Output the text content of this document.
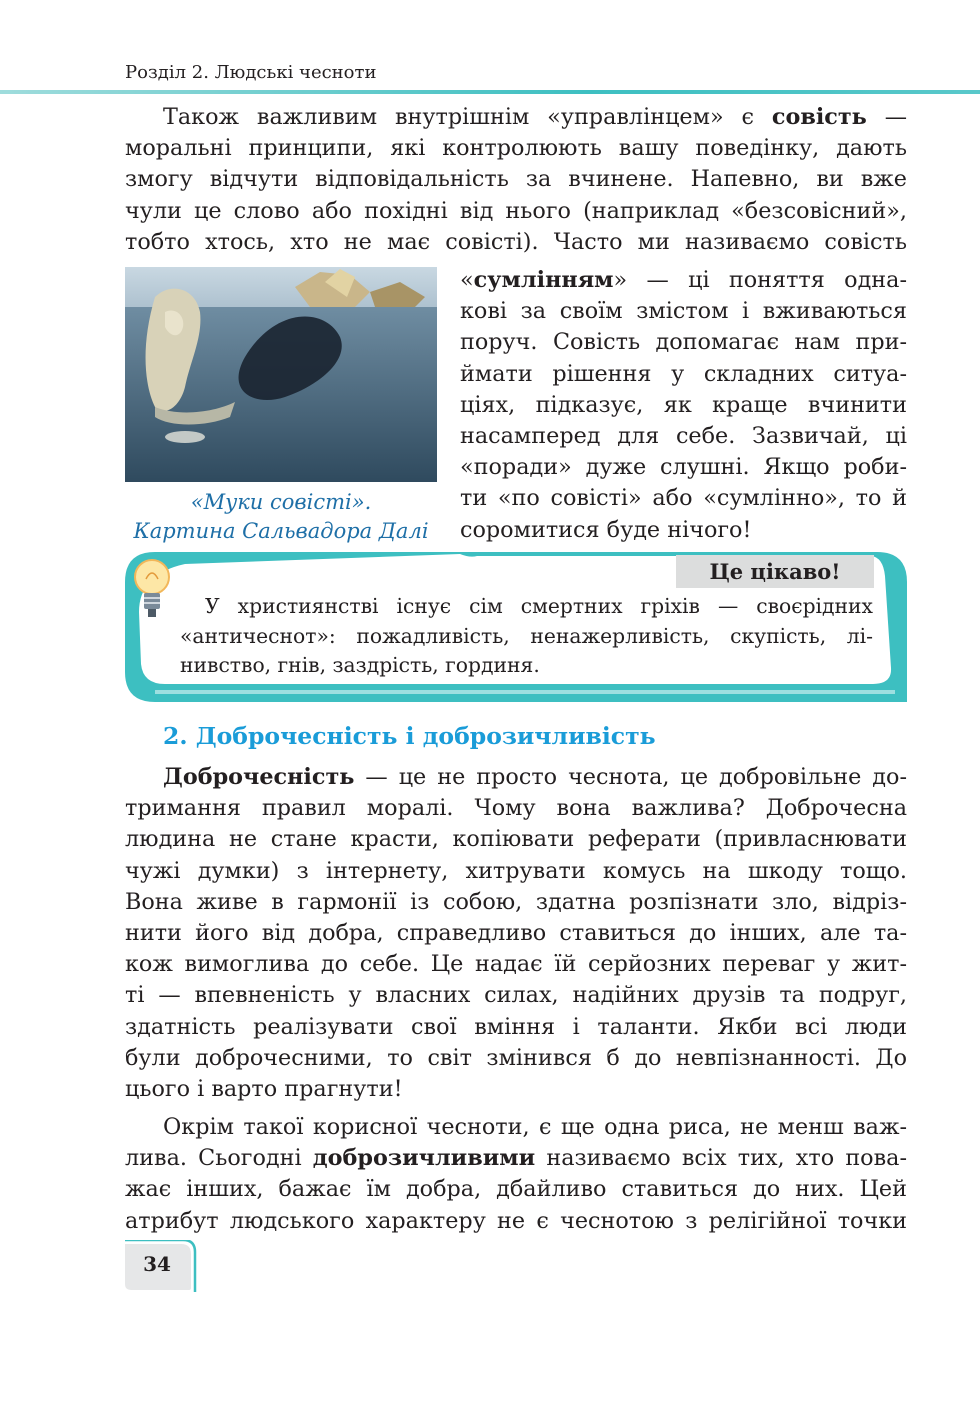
Розділ 2. Людські чесноти
Також важливим внутрішнім «управлінцем» є совість —
моральні принципи, які контролюють вашу поведінку, дають
змогу відчути відповідальність за вчинене. Напевно, ви вже
чули це слово або похідні від нього (наприклад «безсовісний»,
тобто хтось, хто не має совісті). Часто ми називаємо совість
«Муки совісті».
Картина Сальвадора Далі
«сумлінням» — ці поняття одна-
кові за своїм змістом і вживаються
поруч. Совість допомагає нам при-
ймати рішення у складних ситуа-
ціях, підказує, як краще вчинити
насамперед для себе. Зазвичай, ці
«поради» дуже слушні. Якщо роби-
ти «по совісті» або «сумлінно», то й
соромитися буде нічого!
Це цікаво!
У християнстві існує сім смертних гріхів — своєрідних
«античеснот»: пожадливість, ненажерливість, скупість, лі-
нивство, гнів, заздрість, гординя.
2. Доброчесність і доброзичливість
Доброчесність — це не просто чеснота, це добровільне до-
тримання правил моралі. Чому вона важлива? Доброчесна
людина не стане красти, копіювати реферати (привласнювати
чужі думки) з інтернету, хитрувати комусь на шкоду тощо.
Вона живе в гармонії із собою, здатна розпізнати зло, відріз-
нити його від добра, справедливо ставиться до інших, але та-
кож вимоглива до себе. Це надає їй серйозних переваг у жит-
ті — впевненість у власних силах, надійних друзів та подруг,
здатність реалізувати свої вміння і таланти. Якби всі люди
були доброчесними, то світ змінився б до невпізнанності. До
цього і варто прагнути!
Окрім такої корисної чесноти, є ще одна риса, не менш важ-
лива. Сьогодні доброзичливими називаємо всіх тих, хто пова-
жає інших, бажає їм добра, дбайливо ставиться до них. Цей
атрибут людського характеру не є чеснотою з релігійної точки
34
